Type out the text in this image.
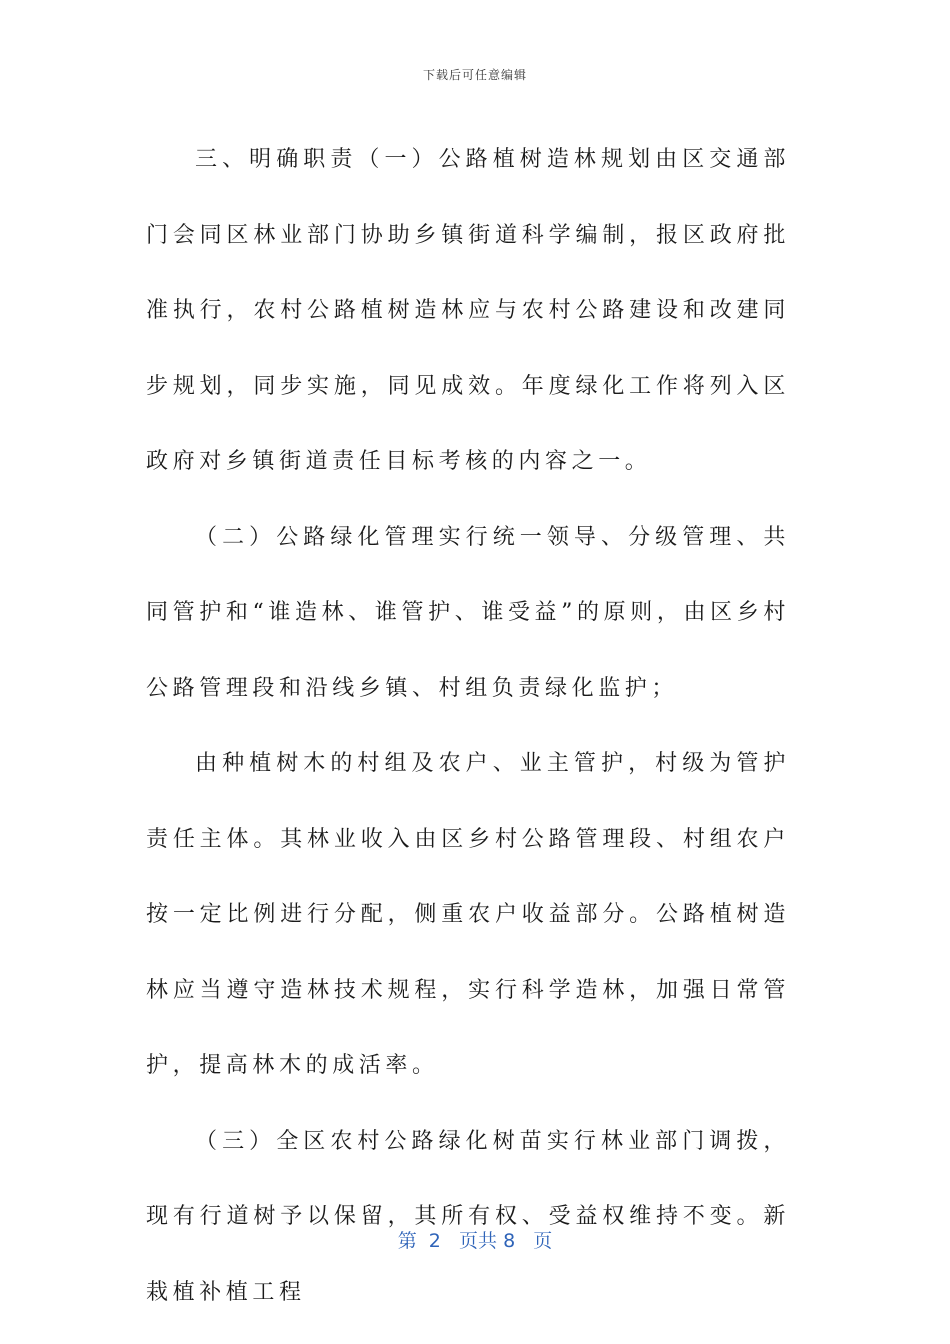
下载后可任意编辑

三、明确职责（一）公路植树造林规划由区交通部门会同区林业部门协助乡镇街道科学编制，报区政府批准执行，农村公路植树造林应与农村公路建设和改建同步规划，同步实施，同见成效。年度绿化工作将列入区政府对乡镇街道责任目标考核的内容之一。

（二）公路绿化管理实行统一领导、分级管理、共同管护和“谁造林、谁管护、谁受益”的原则，由区乡村公路管理段和沿线乡镇、村组负责绿化监护；

由种植树木的村组及农户、业主管护，村级为管护责任主体。其林业收入由区乡村公路管理段、村组农户按一定比例进行分配，侧重农户收益部分。公路植树造林应当遵守造林技术规程，实行科学造林，加强日常管护，提高林木的成活率。

（三）全区农村公路绿化树苗实行林业部门调拨，现有行道树予以保留，其所有权、受益权维持不变。新栽植补植工程

第 2 页共 8 页
